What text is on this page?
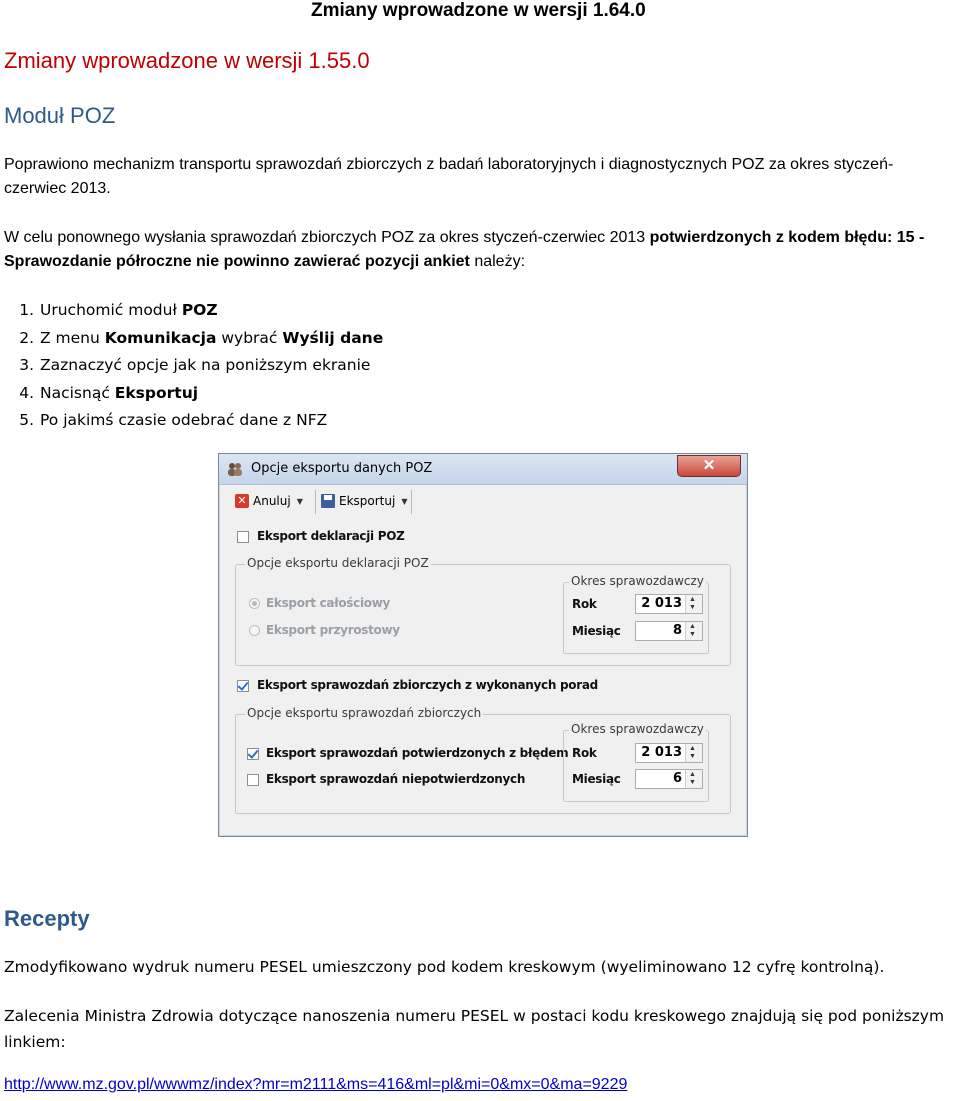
Zmiany wprowadzone w wersji 1.64.0
Zmiany wprowadzone w wersji 1.55.0
Moduł POZ
Poprawiono mechanizm transportu sprawozdań zbiorczych z badań laboratoryjnych i diagnostycznych POZ za okres styczeń-czerwiec 2013.
W celu ponownego wysłania sprawozdań zbiorczych POZ za okres styczeń-czerwiec 2013 potwierdzonych z kodem błędu: 15 - Sprawozdanie półroczne nie powinno zawierać pozycji ankiet należy:
1. Uruchomić moduł POZ
2. Z menu Komunikacja wybrać Wyślij dane
3. Zaznaczyć opcje jak na poniższym ekranie
4. Nacisnąć Eksportuj
5. Po jakimś czasie odebrać dane z NFZ
Opcje eksportu danych POZ	✕
✕ Anuluj ▼	Eksportuj ▼
Eksport deklaracji POZ
Opcje eksportu deklaracji POZ
Eksport całościowy
Eksport przyrostowy
Okres sprawozdawczy
Rok	2 013 ▲
▼
Miesiąc	8 ▲
▼
Eksport sprawozdań zbiorczych z wykonanych porad
Opcje eksportu sprawozdań zbiorczych
Eksport sprawozdań potwierdzonych z błędem
Eksport sprawozdań niepotwierdzonych
Okres sprawozdawczy
Rok	2 013 ▲
▼
Miesiąc	6 ▲
▼
Recepty
Zmodyfikowano wydruk numeru PESEL umieszczony pod kodem kreskowym (wyeliminowano 12 cyfrę kontrolną).
Zalecenia Ministra Zdrowia dotyczące nanoszenia numeru PESEL w postaci kodu kreskowego znajdują się pod poniższym linkiem:
http://www.mz.gov.pl/wwwmz/index?mr=m2111&ms=416&ml=pl&mi=0&mx=0&ma=9229
